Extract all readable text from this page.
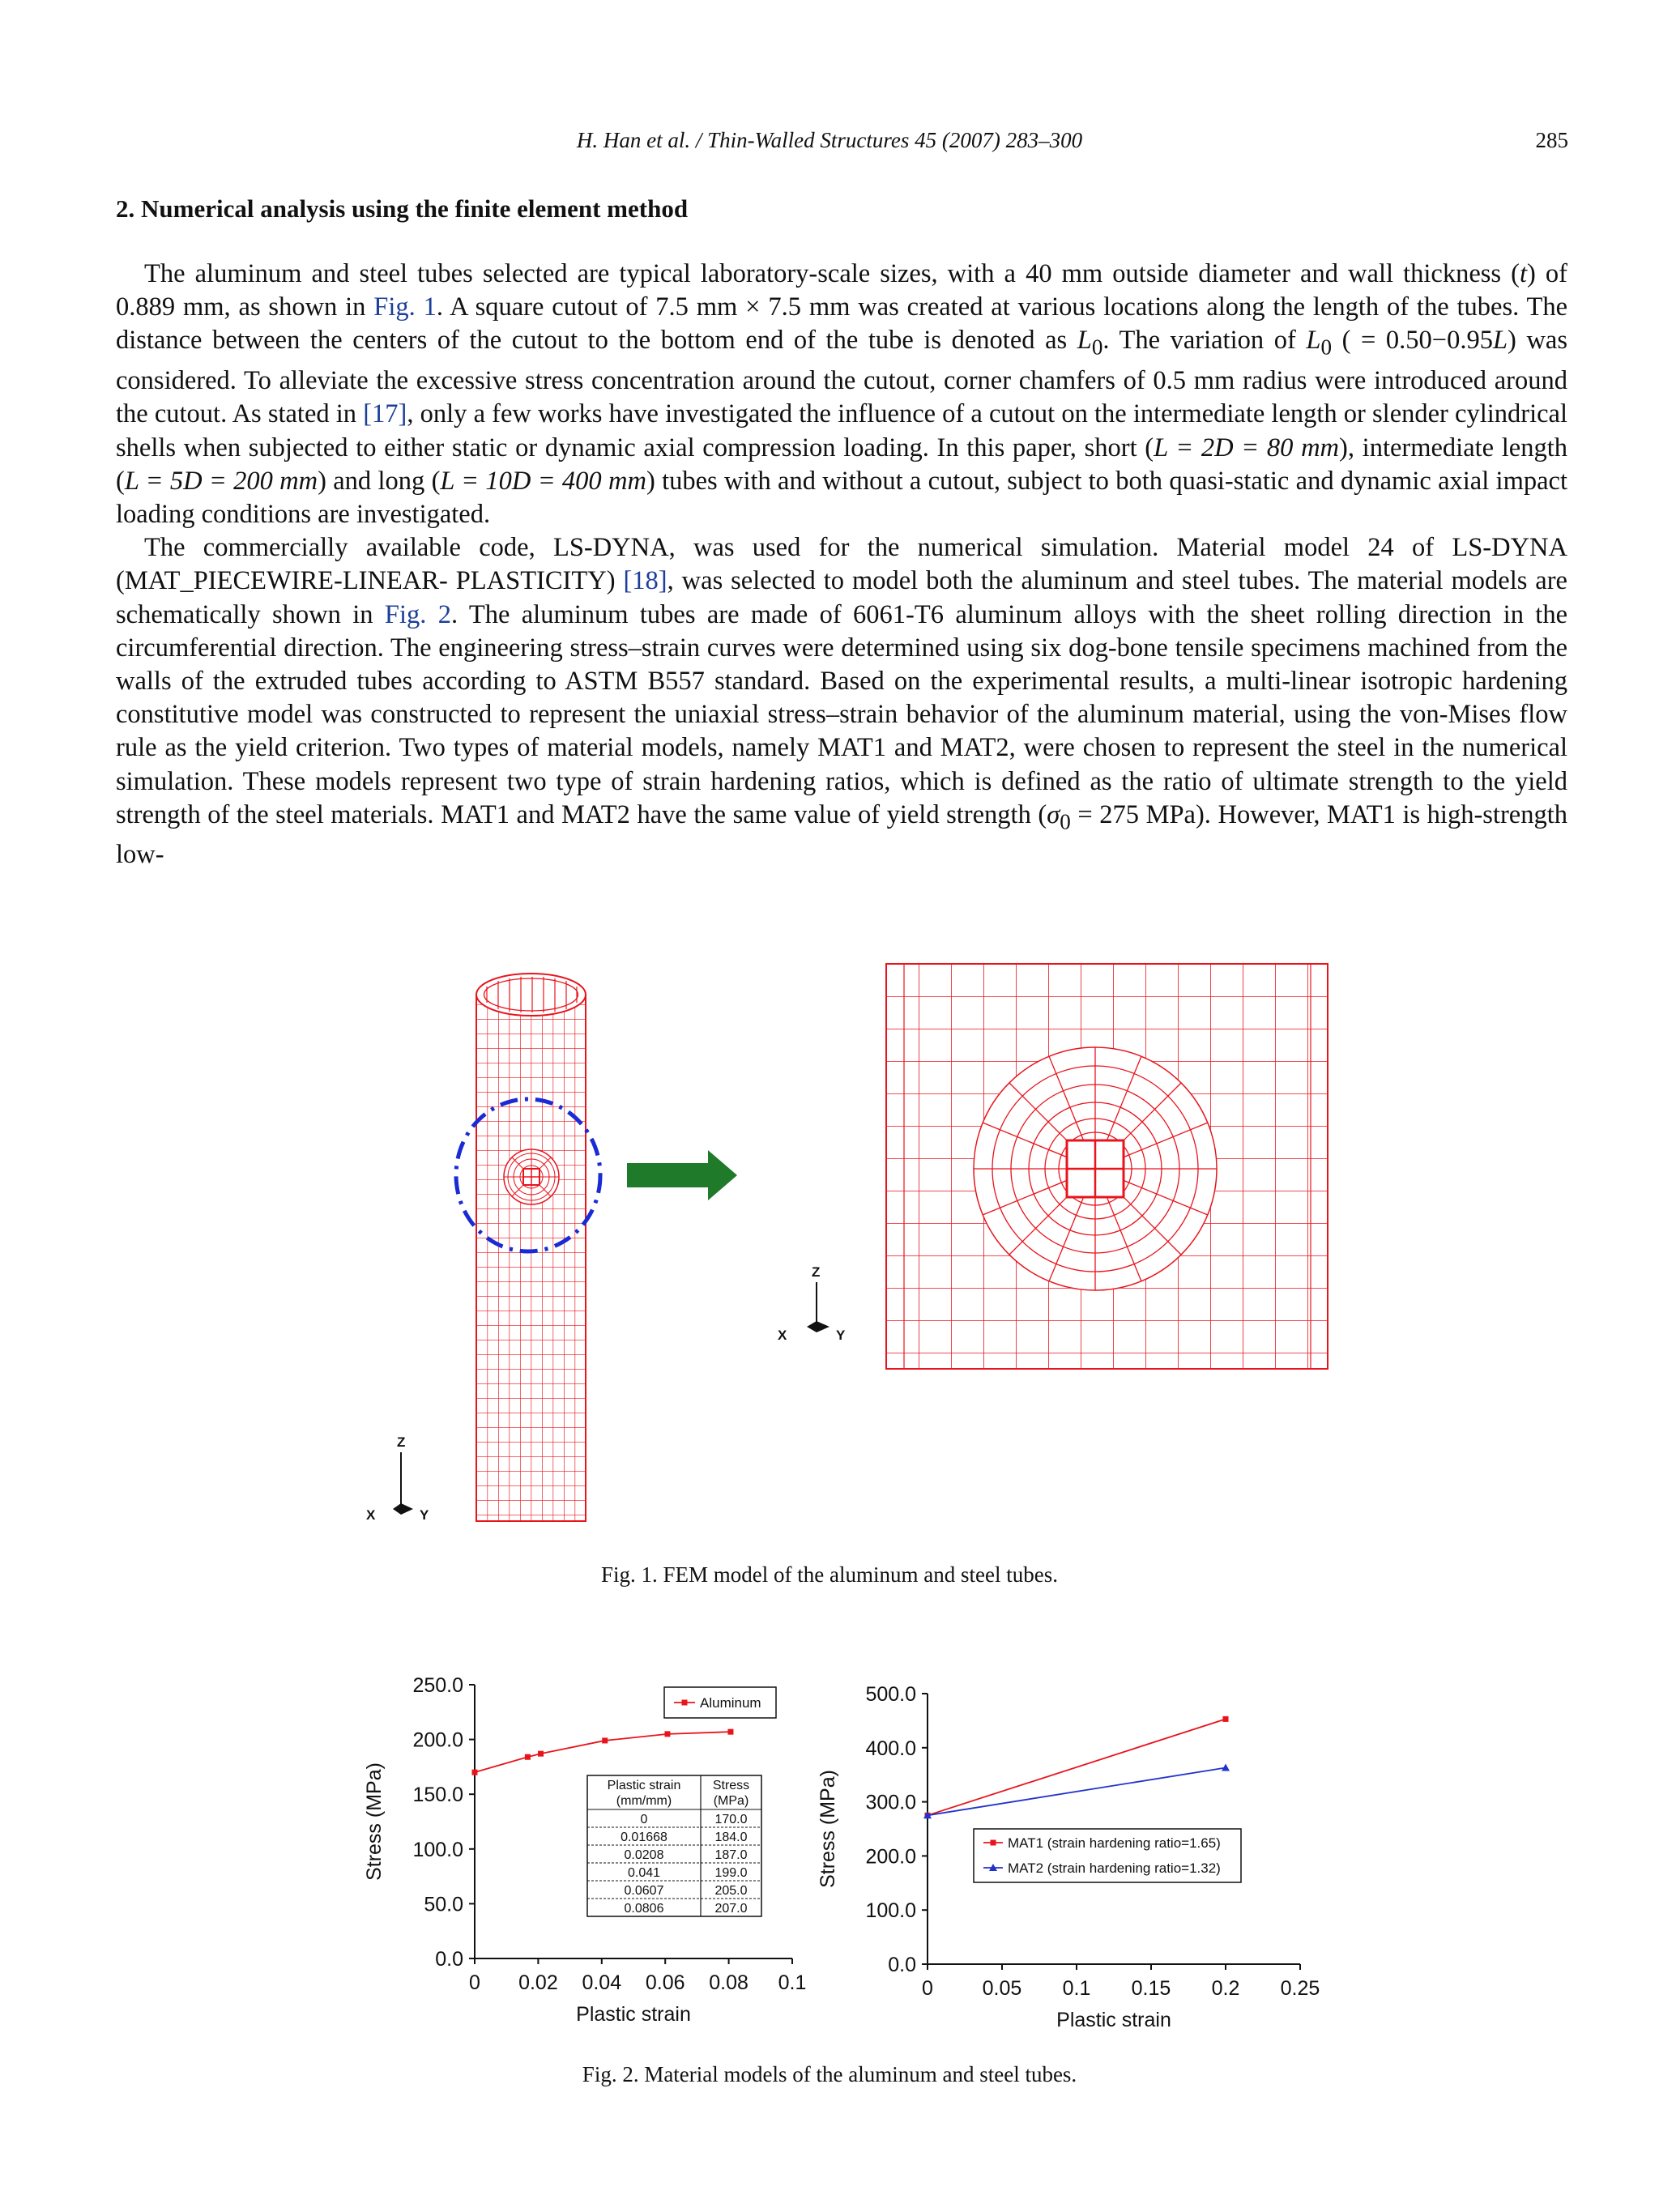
H. Han et al. / Thin-Walled Structures 45 (2007) 283–300	285
2. Numerical analysis using the finite element method

The aluminum and steel tubes selected are typical laboratory-scale sizes, with a 40 mm outside diameter and wall thickness (t) of 0.889 mm, as shown in Fig. 1. A square cutout of 7.5 mm × 7.5 mm was created at various locations along the length of the tubes. The distance between the centers of the cutout to the bottom end of the tube is denoted as $L_0$. The variation of $L_0$ ( = 0.50−0.95L) was considered. To alleviate the excessive stress concentration around the cutout, corner chamfers of 0.5 mm radius were introduced around the cutout. As stated in [17], only a few works have investigated the influence of a cutout on the intermediate length or slender cylindrical shells when subjected to either static or dynamic axial compression loading. In this paper, short (L = 2D = 80 mm), intermediate length (L = 5D = 200 mm) and long (L = 10D = 400 mm) tubes with and without a cutout, subject to both quasi-static and dynamic axial impact loading conditions are investigated.

The commercially available code, LS-DYNA, was used for the numerical simulation. Material model 24 of LS-DYNA (MAT_PIECEWIRE-LINEAR- PLASTICITY) [18], was selected to model both the aluminum and steel tubes. The material models are schematically shown in Fig. 2. The aluminum tubes are made of 6061-T6 aluminum alloys with the sheet rolling direction in the circumferential direction. The engineering stress–strain curves were determined using six dog-bone tensile specimens machined from the walls of the extruded tubes according to ASTM B557 standard. Based on the experimental results, a multi-linear isotropic hardening constitutive model was constructed to represent the uniaxial stress–strain behavior of the aluminum material, using the von-Mises flow rule as the yield criterion. Two types of material models, namely MAT1 and MAT2, were chosen to represent the steel in the numerical simulation. These models represent two type of strain hardening ratios, which is defined as the ratio of ultimate strength to the yield strength of the steel materials. MAT1 and MAT2 have the same value of yield strength ($\sigma_0 = 275$ MPa). However, MAT1 is high-strength low-

Z
X	Y
Z
X	Y
Fig. 1. FEM model of the aluminum and steel tubes.
0 0.02 0.04 0.06 0.08 0.1
0.0
50.0
100.0
150.0
200.0
250.0
Plastic strain
Stress (MPa)
Aluminum
Plastic strain
(mm/mm)
Stress
(MPa)
0	170.0
0.01668	184.0
0.0208	187.0
0.041	199.0
0.0607	205.0
0.0806	207.0
0 0.05 0.1 0.15 0.2 0.25
0.0
100.0
200.0
300.0
400.0
500.0
Plastic strain
Stress (MPa)	MAT1 (strain hardening ratio=1.65)
MAT2 (strain hardening ratio=1.32)
Fig. 2. Material models of the aluminum and steel tubes.
